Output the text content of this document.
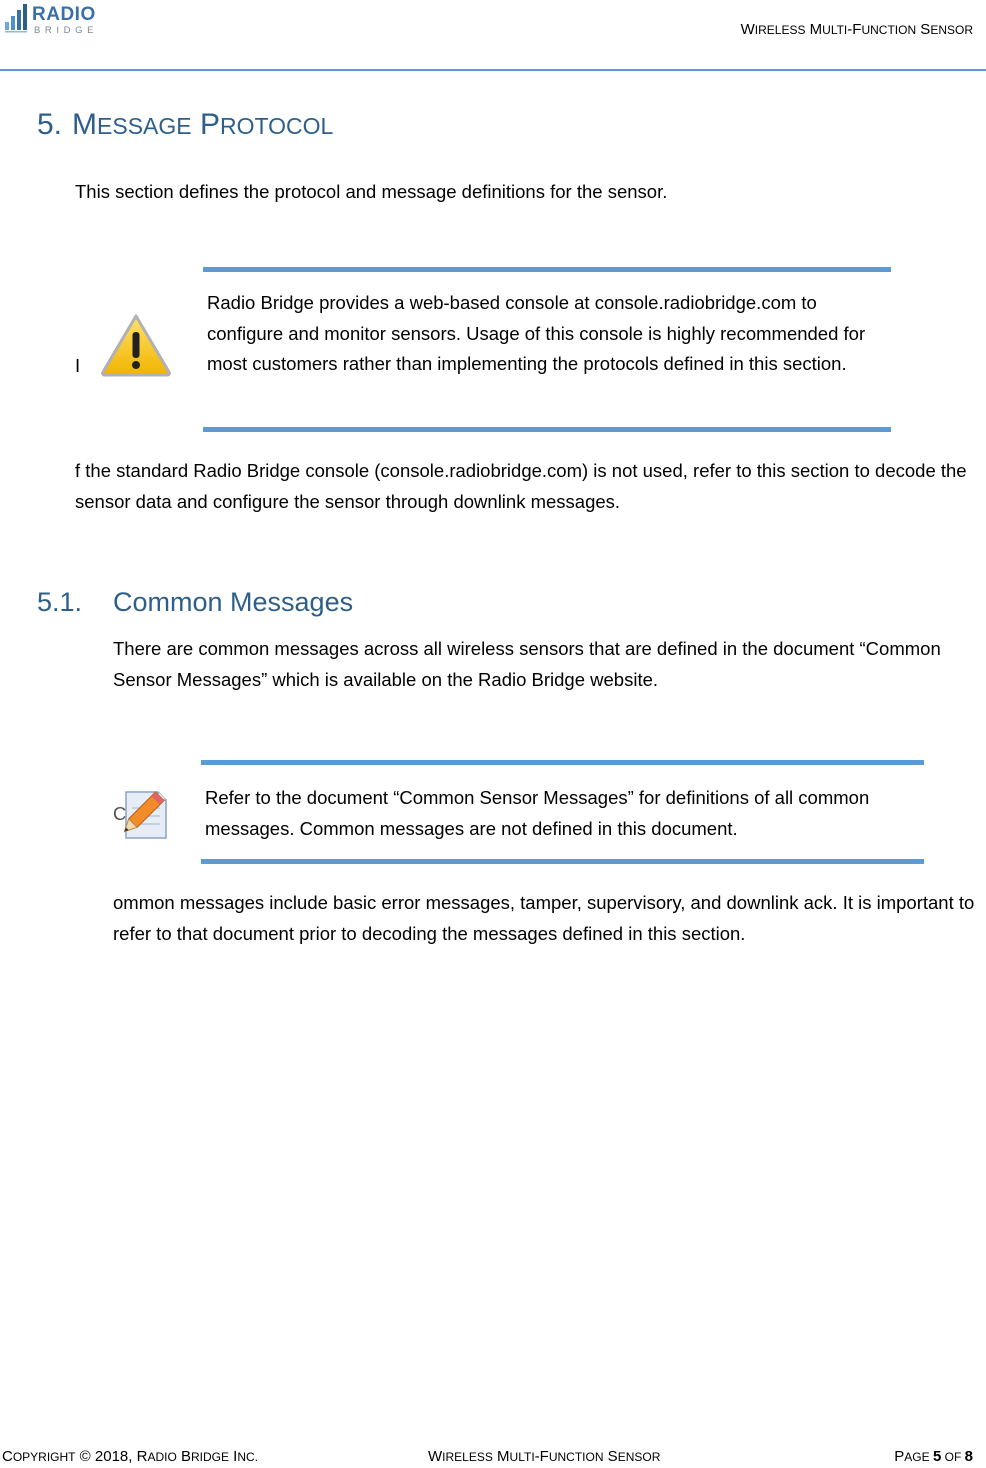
RADIO
BRIDGE	WIRELESS MULTI-FUNCTION SENSOR
5. MESSAGE PROTOCOL
This section defines the protocol and message definitions for the sensor.
I
Radio Bridge provides a web-based console at console.radiobridge.com to configure and monitor sensors. Usage of this console is highly recommended for most customers rather than implementing the protocols defined in this section.
f the standard Radio Bridge console (console.radiobridge.com) is not used, refer to this section to decode the sensor data and configure the sensor through downlink messages.
5.1. Common Messages
There are common messages across all wireless sensors that are defined in the document “Common Sensor Messages” which is available on the Radio Bridge website.
C
Refer to the document “Common Sensor Messages” for definitions of all common messages. Common messages are not defined in this document.
ommon messages include basic error messages, tamper, supervisory, and downlink ack. It is important to refer to that document prior to decoding the messages defined in this section.
COPYRIGHT © 2018, RADIO BRIDGE INC.	WIRELESS MULTI-FUNCTION SENSOR	PAGE 5 OF 8
